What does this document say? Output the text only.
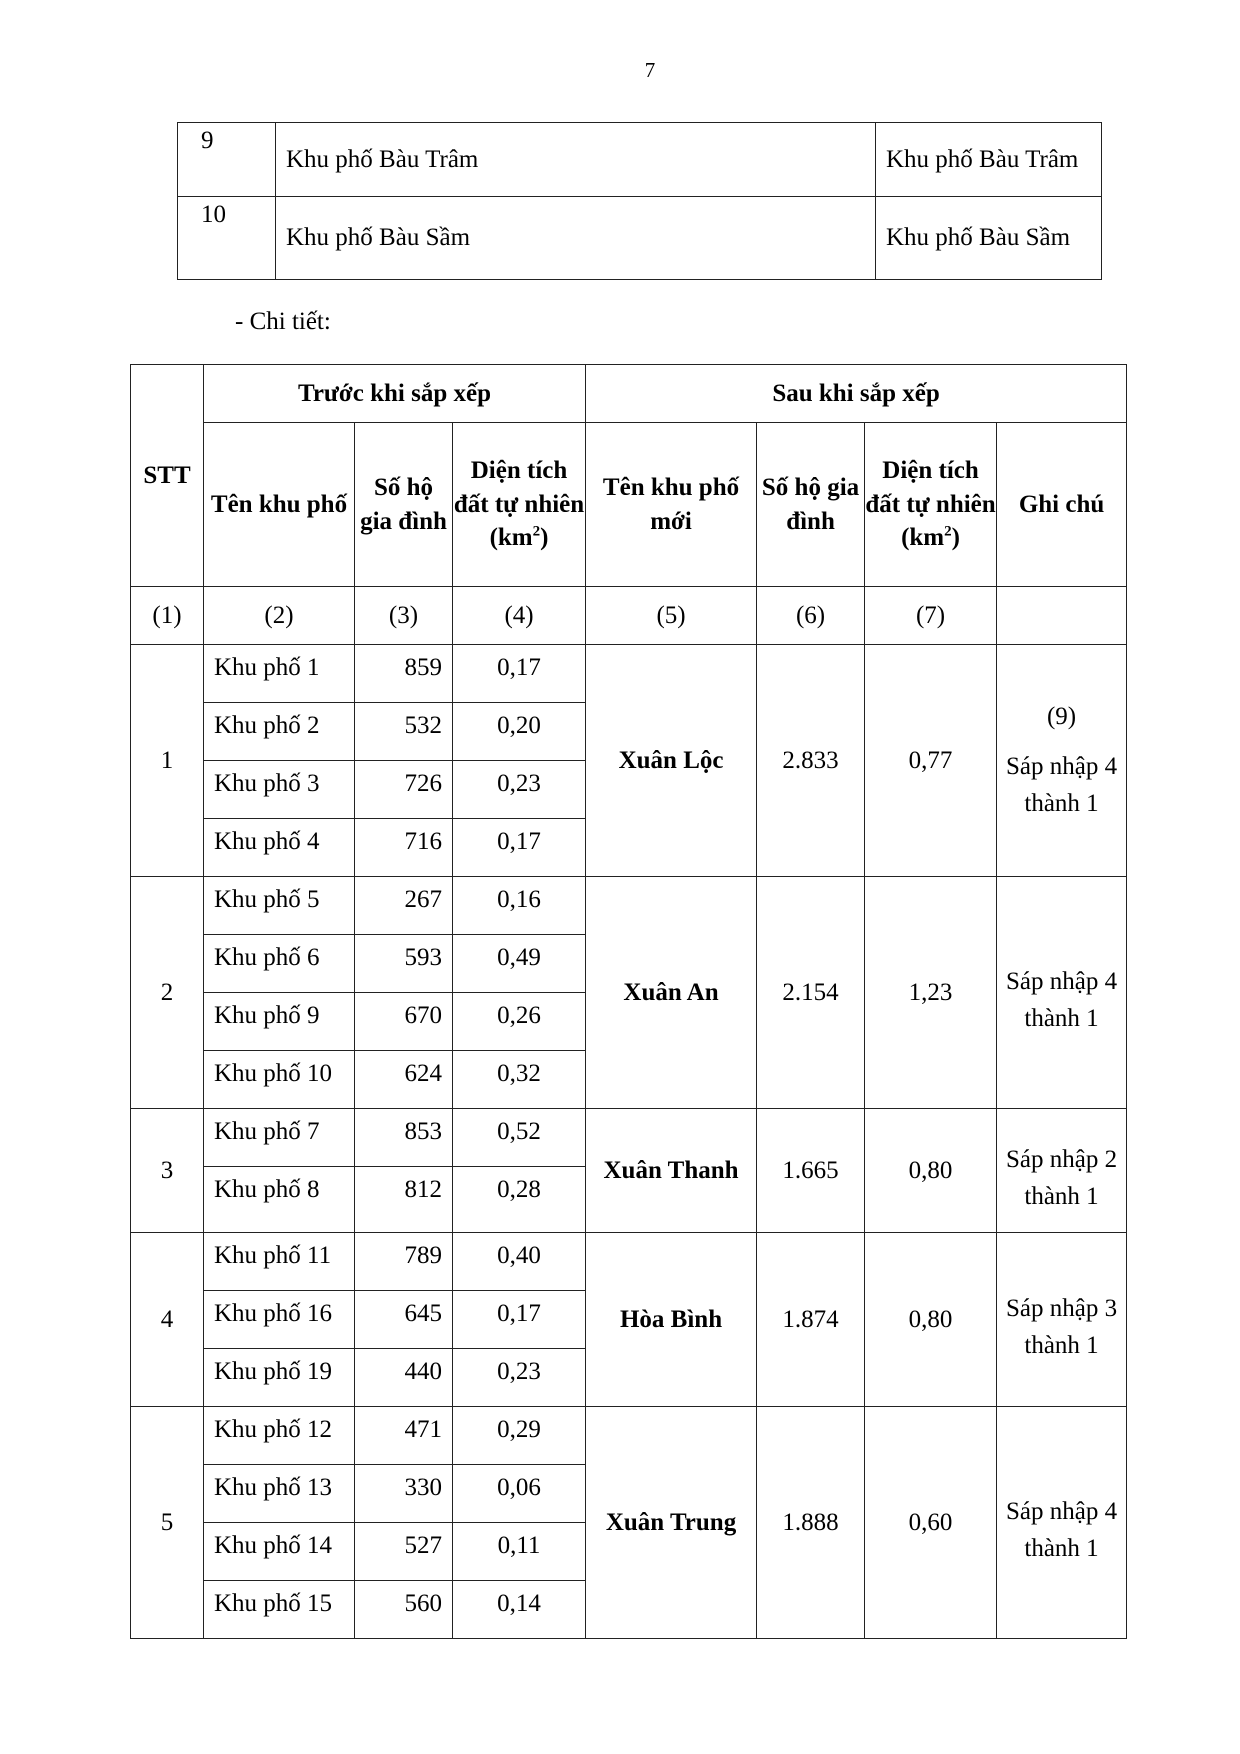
7
9	Khu phố Bàu Trâm	Khu phố Bàu Trâm
10	Khu phố Bàu Sầm	Khu phố Bàu Sầm
- Chi tiết:
STT	Trước khi sắp xếp			Sau khi sắp xếp			
	Tên khu phố	Số hộ gia đình	Diện tích đất tự nhiên $(km^2)$	Tên khu phố mới	Số hộ gia đình	Diện tích đất tự nhiên $(km^2)$	Ghi chú
(1)	(2)	(3)	(4)	(5)	(6)	(7)	
1	Khu phố 1	859	0,17	Xuân Lộc	2.833	0,77	(9)
Sáp nhập 4 thành 1

	Khu phố 2	532	0,20				
	Khu phố 3	726	0,23				
	Khu phố 4	716	0,17				
2	Khu phố 5	267	0,16	Xuân An	2.154	1,23	Sáp nhập 4 thành 1

	Khu phố 6	593	0,49				
	Khu phố 9	670	0,26				
	Khu phố 10	624	0,32				
3	Khu phố 7	853	0,52	Xuân Thanh	1.665	0,80	Sáp nhập 2 thành 1

	Khu phố 8	812	0,28				
4	Khu phố 11	789	0,40	Hòa Bình	1.874	0,80	Sáp nhập 3 thành 1

	Khu phố 16	645	0,17				
	Khu phố 19	440	0,23				
5	Khu phố 12	471	0,29	Xuân Trung	1.888	0,60	Sáp nhập 4 thành 1

	Khu phố 13	330	0,06				
	Khu phố 14	527	0,11				
	Khu phố 15	560	0,14				
